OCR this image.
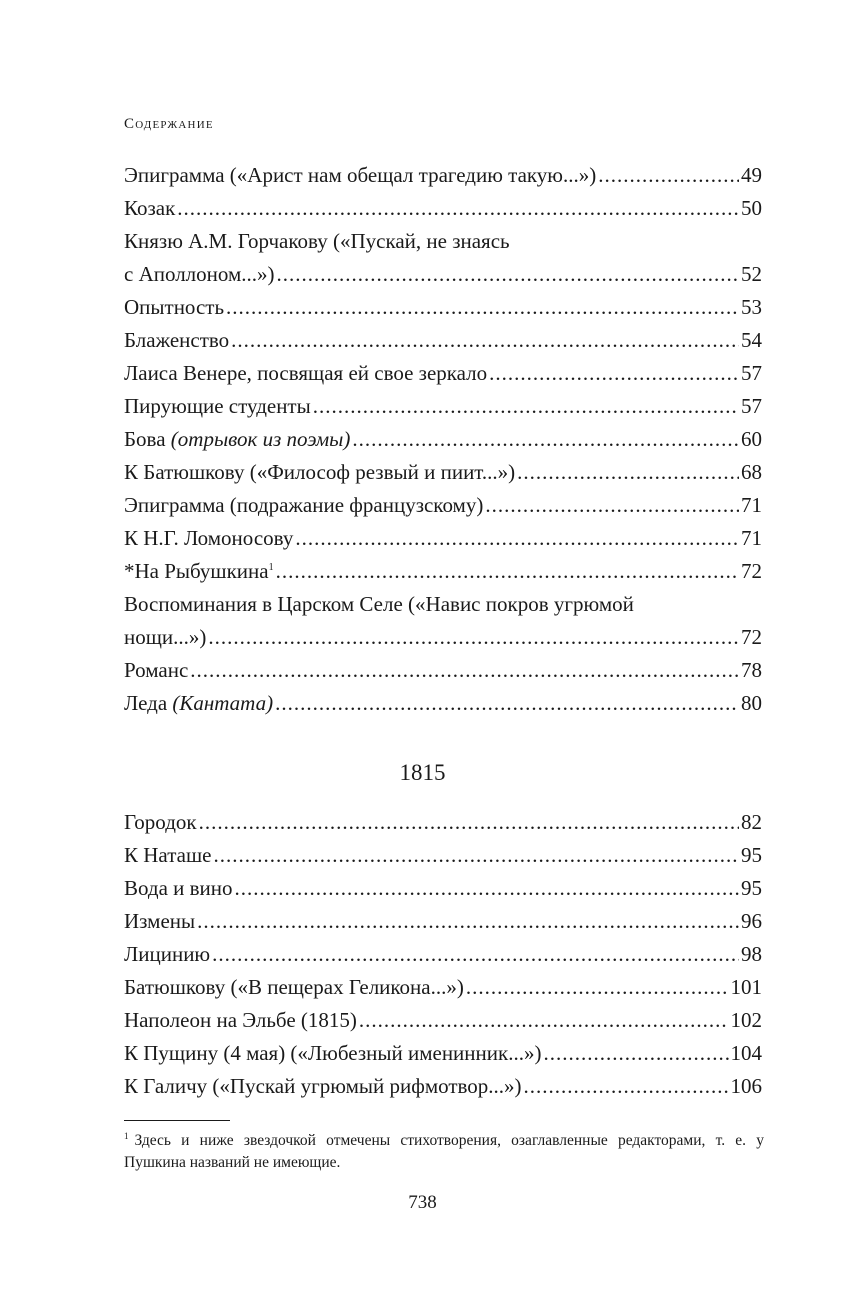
Содержание
Эпиграмма («Арист нам обещал трагедию такую...») .....	49
Козак .....	50
Князю А.М. Горчакову («Пускай, не знаясь
с Аполлоном...») .....	52
Опытность .....	53
Блаженство .....	54
Лаиса Венере, посвящая ей свое зеркало .....	57
Пирующие студенты .....	57
Бова (отрывок из поэмы) .....	60
К Батюшкову («Философ резвый и пиит...») .....	68
Эпиграмма (подражание французскому) .....	71
К Н.Г. Ломоносову .....	71
*На Рыбушкина$^1$ .....	72
Воспоминания в Царском Селе («Навис покров угрюмой
нощи...») .....	72
Романс .....	78
Леда (Кантата) .....	80
1815
Городок .....	82
К Наташе .....	95
Вода и вино .....	95
Измены .....	96
Лицинию .....	98
Батюшкову («В пещерах Геликона...») .....	101
Наполеон на Эльбе (1815) .....	102
К Пущину (4 мая) («Любезный именинник...») .....	104
К Галичу («Пускай угрюмый рифмотвор...») .....	106
$^1$ Здесь и ниже звездочкой отмечены стихотворения, озаглавленные редакторами, т. е. у Пушкина названий не имеющие.
738
